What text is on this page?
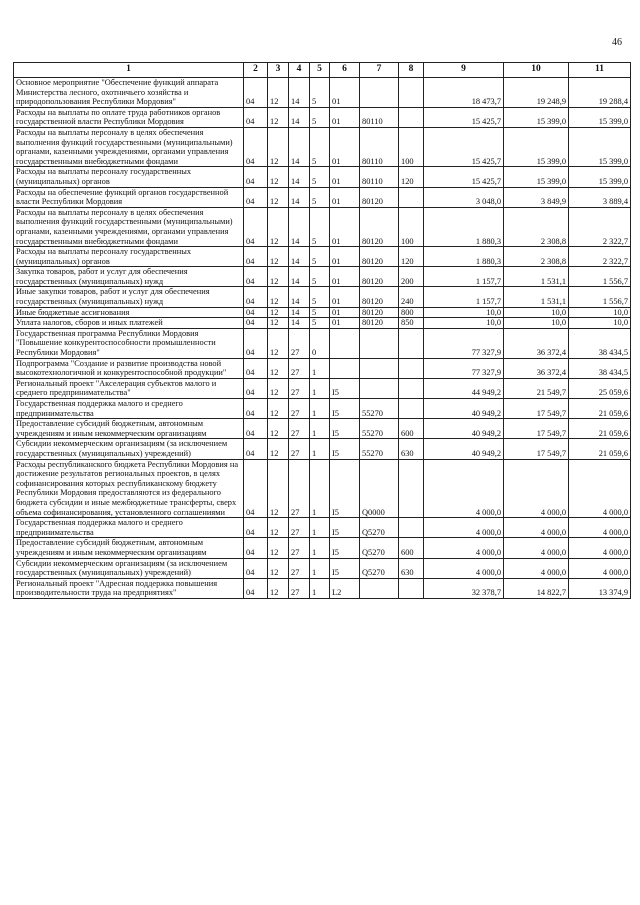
46
1	2	3	4	5	6	7	8	9	10	11
Основное мероприятие "Обеспечение функций аппарата Министерства лесного, охотничьего хозяйства и природопользования Республики Мордовия"	04	12	14	5	01			18 473,7	19 248,9	19 288,4
Расходы на выплаты по оплате труда работников органов государственной власти Республики Мордовия	04	12	14	5	01	80110		15 425,7	15 399,0	15 399,0
Расходы на выплаты персоналу в целях обеспечения выполнения функций государственными (муниципальными) органами, казенными учреждениями, органами управления государственными внебюджетными фондами	04	12	14	5	01	80110	100	15 425,7	15 399,0	15 399,0
Расходы на выплаты персоналу государственных (муниципальных) органов	04	12	14	5	01	80110	120	15 425,7	15 399,0	15 399,0
Расходы на обеспечение функций органов государственной власти Республики Мордовия	04	12	14	5	01	80120		3 048,0	3 849,9	3 889,4
Расходы на выплаты персоналу в целях обеспечения выполнения функций государственными (муниципальными) органами, казенными учреждениями, органами управления государственными внебюджетными фондами	04	12	14	5	01	80120	100	1 880,3	2 308,8	2 322,7
Расходы на выплаты персоналу государственных (муниципальных) органов	04	12	14	5	01	80120	120	1 880,3	2 308,8	2 322,7
Закупка товаров, работ и услуг для обеспечения государственных (муниципальных) нужд	04	12	14	5	01	80120	200	1 157,7	1 531,1	1 556,7
Иные закупки товаров, работ и услуг для обеспечения государственных (муниципальных) нужд	04	12	14	5	01	80120	240	1 157,7	1 531,1	1 556,7
Иные бюджетные ассигнования	04	12	14	5	01	80120	800	10,0	10,0	10,0
Уплата налогов, сборов и иных платежей	04	12	14	5	01	80120	850	10,0	10,0	10,0
Государственная программа Республики Мордовия "Повышение конкурентоспособности промышленности Республики Мордовия"	04	12	27	0				77 327,9	36 372,4	38 434,5
Подпрограмма "Создание и развитие производства новой высокотехнологичной и конкурентоспособной продукции"	04	12	27	1				77 327,9	36 372,4	38 434,5
Региональный проект "Акселерация субъектов малого и среднего предпринимательства"	04	12	27	1	I5			44 949,2	21 549,7	25 059,6
Государственная поддержка малого и среднего предпринимательства	04	12	27	1	I5	55270		40 949,2	17 549,7	21 059,6
Предоставление субсидий бюджетным, автономным учреждениям и иным некоммерческим организациям	04	12	27	1	I5	55270	600	40 949,2	17 549,7	21 059,6
Субсидии некоммерческим организациям (за исключением государственных (муниципальных) учреждений)	04	12	27	1	I5	55270	630	40 949,2	17 549,7	21 059,6
Расходы республиканского бюджета Республики Мордовия на достижение результатов региональных проектов, в целях софинансирования которых республиканскому бюджету Республики Мордовия предоставляются из федерального бюджета субсидии и иные межбюджетные трансферты, сверх объема софинансирования, установленного соглашениями	04	12	27	1	I5	Q0000		4 000,0	4 000,0	4 000,0
Государственная поддержка малого и среднего предпринимательства	04	12	27	1	I5	Q5270		4 000,0	4 000,0	4 000,0
Предоставление субсидий бюджетным, автономным учреждениям и иным некоммерческим организациям	04	12	27	1	I5	Q5270	600	4 000,0	4 000,0	4 000,0
Субсидии некоммерческим организациям (за исключением государственных (муниципальных) учреждений)	04	12	27	1	I5	Q5270	630	4 000,0	4 000,0	4 000,0
Региональный проект "Адресная поддержка повышения производительности труда на предприятиях"	04	12	27	1	L2			32 378,7	14 822,7	13 374,9
